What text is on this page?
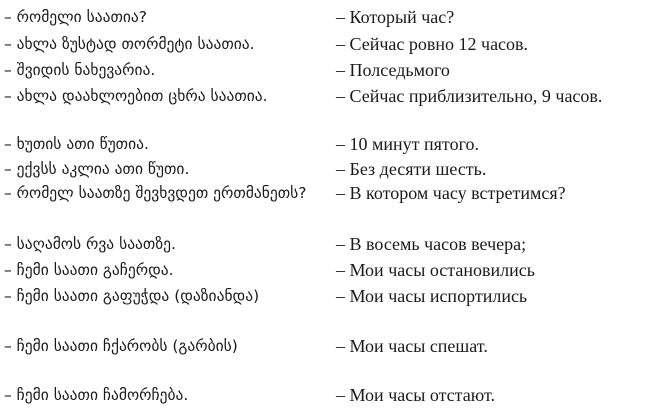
– რომელი საათია?	– Который час?

– ახლა ზუსტად თორმეტი საათია.	– Сейчас ровно 12 часов.

– შვიდის ნახევარია.	– Полседьмого

– ახლა დაახლოებით ცხრა საათია.	– Сейчас приблизительно, 9 часов.

– ხუთის ათი წუთია.	– 10 минут пятого.

– ექვსს აკლია ათი წუთი.	– Без десяти шесть.

– რომელ საათზე შევხვდეთ ერთმანეთს?	– В котором часу встретимся?

– საღამოს რვა საათზე.	– В восемь часов вечера;

– ჩემი საათი გაჩერდა.	– Мои часы остановились

– ჩემი საათი გაფუჭდა (დაზიანდა)	– Мои часы испортились

– ჩემი საათი ჩქარობს (გარბის)	– Мои часы спешат.

– ჩემი საათი ჩამორჩება.	– Мои часы отстают.
